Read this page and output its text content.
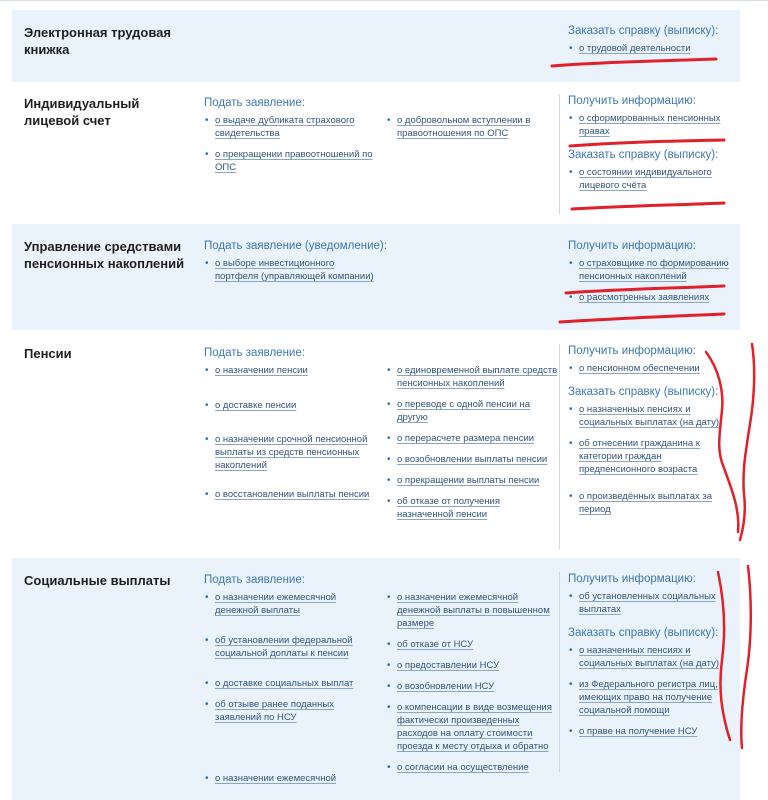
Электронная трудовая книжка
Заказать справку (выписку):
• о трудовой деятельности
Индивидуальный лицевой счет
Подать заявление:
• о выдаче дубликата страхового свидетельства
• о прекращении правоотношений по ОПС
• о добровольном вступлении в правоотношения по ОПС
Получить информацию:
• о сформированных пенсионных правах
Заказать справку (выписку):
• о состоянии индивидуального лицевого счёта
Управление средствами пенсионных накоплений
Подать заявление (уведомление):
• о выборе инвестиционного портфеля (управляющей компании)
Получить информацию:
• о страховщике по формированию пенсионных накоплений
• о рассмотренных заявлениях
Пенсии	Подать заявление:
• о назначении пенсии
• о доставке пенсии
• о назначении срочной пенсионной выплаты из средств пенсионных накоплений
• о восстановлении выплаты пенсии
• о единовременной выплате средств пенсионных накоплений
• о переводе с одной пенсии на другую
• о перерасчете размера пенсии
• о возобновлении выплаты пенсии
• о прекращении выплаты пенсии
• об отказе от получения назначенной пенсии
Получить информацию:
• о пенсионном обеспечении
Заказать справку (выписку):
• о назначенных пенсиях и социальных выплатах (на дату)
• об отнесении гражданина к категории граждан предпенсионного возраста
• о произведённых выплатах за период
Социальные выплаты	Подать заявление:
• о назначении ежемесячной денежной выплаты
• об установлении федеральной социальной доплаты к пенсии
• о доставке социальных выплат
• об отзыве ранее поданных заявлений по НСУ
• о назначении ежемесячной
• о назначении ежемесячной денежной выплаты в повышенном размере
• об отказе от НСУ
• о предоставлении НСУ
• о возобновлении НСУ
• о компенсации в виде возмещения фактически произведенных расходов на оплату стоимости проезда к месту отдыха и обратно
• о согласии на осуществление
Получить информацию:
• об установленных социальных выплатах
Заказать справку (выписку):
• о назначенных пенсиях и социальных выплатах (на дату)
• из Федерального регистра лиц, имеющих право на получение социальной помощи
• о праве на получение НСУ
